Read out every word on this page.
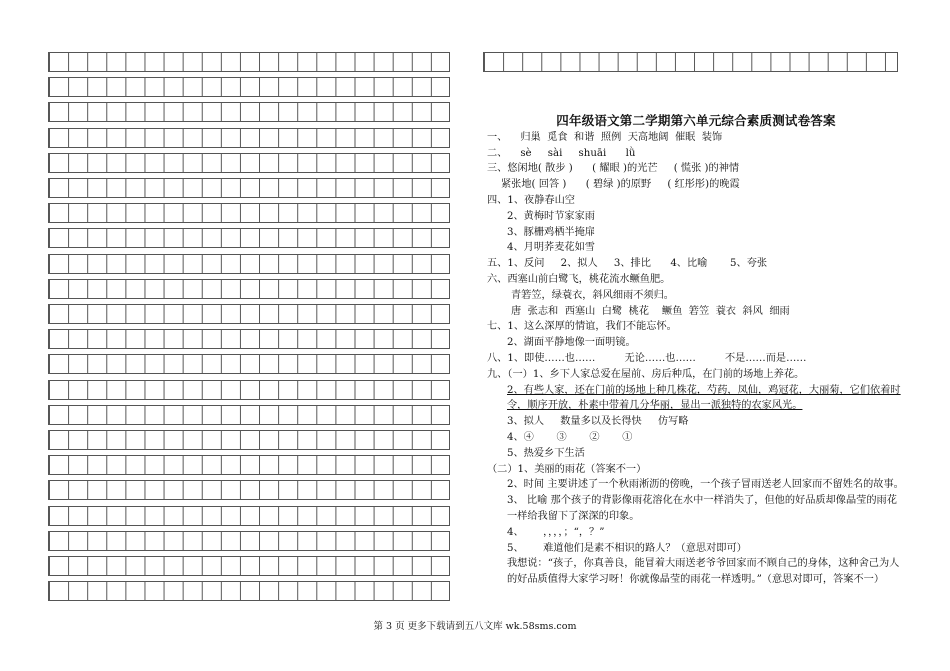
四年级语文第二学期第六单元综合素质测试卷答案
一、    归巢  觅食  和谐  照例  天高地阔  催眠  装饰
二、    sè     sài     shuāi      lǜ
三、悠闲地( 散步 )      ( 耀眼 )的光芒     ( 慌张 )的神情
紧张地( 回答 )      ( 碧绿 )的原野     ( 红彤彤)的晚霞
四、1、夜静春山空
2、黄梅时节家家雨
3、豚栅鸡栖半掩扉
4、月明荞麦花如雪
五、1、反问     2、拟人     3、排比      4、比喻       5、夸张
六、西塞山前白鹭飞，桃花流水鳜鱼肥。
青箬笠，绿蓑衣，斜风细雨不须归。
唐  张志和  西塞山  白鹭  桃花    鳜鱼  箬笠  蓑衣  斜风  细雨
七、1、这么深厚的情谊，我们不能忘怀。
2、湖面平静地像一面明镜。
八、1、即使……也……         无论……也……         不是……而是……
九、（一）1、乡下人家总爱在屋前、房后种瓜，在门前的场地上养花。
2、有些人家，还在门前的场地上种几株花，芍药，凤仙，鸡冠花，大丽菊，它们依着时令，顺序开放，朴素中带着几分华丽，显出一派独特的农家风光。
3、拟人     数量多以及长得快     仿写略
4、④       ③       ②       ①
5、热爱乡下生活
（二）1、美丽的雨花（答案不一）
2、时间 主要讲述了一个秋雨淅沥的傍晚，一个孩子冒雨送老人回家而不留姓名的故事。
3、 比喻 那个孩子的背影像雨花溶化在水中一样消失了，但他的好品质却像晶莹的雨花一样给我留下了深深的印象。
4、      ，，，，；“，？”
5、      难道他们是素不相识的路人？（意思对即可）
我想说：“孩子，你真善良，能冒着大雨送老爷爷回家而不顾自己的身体，这种舍己为人的好品质值得大家学习呀！你就像晶莹的雨花一样透明。”（意思对即可，答案不一）
第 3 页 更多下载请到五八文库 wk.58sms.com
